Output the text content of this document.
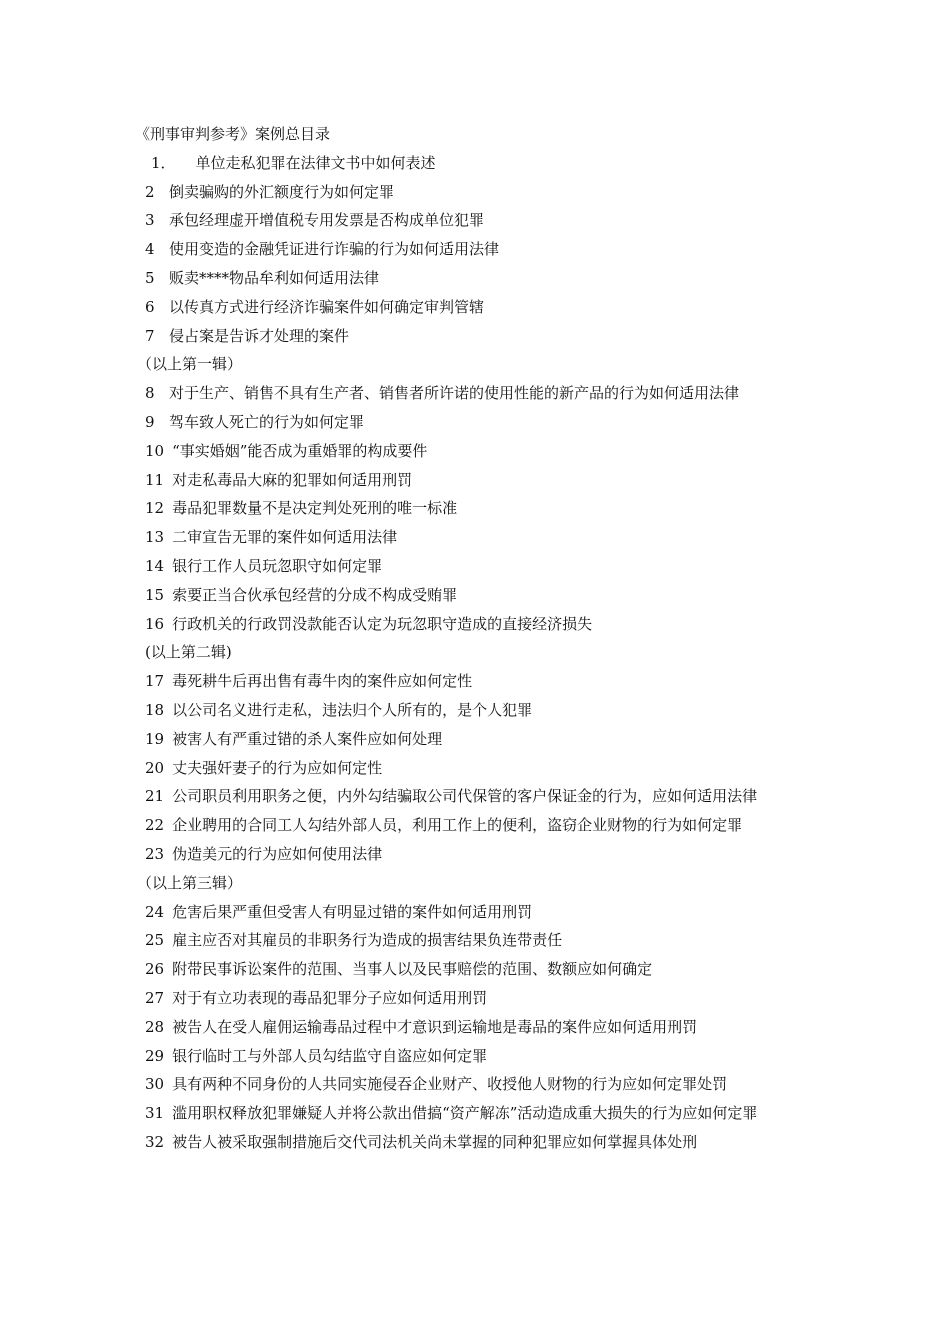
《刑事审判参考》案例总目录

1． 单位走私犯罪在法律文书中如何表述

2 倒卖骗购的外汇额度行为如何定罪

3 承包经理虚开增值税专用发票是否构成单位犯罪

4 使用变造的金融凭证进行诈骗的行为如何适用法律

5 贩卖****物品牟利如何适用法律

6 以传真方式进行经济诈骗案件如何确定审判管辖

7 侵占案是告诉才处理的案件

（以上第一辑）

8 对于生产、销售不具有生产者、销售者所许诺的使用性能的新产品的行为如何适用法律

9 驾车致人死亡的行为如何定罪

10 “事实婚姻”能否成为重婚罪的构成要件

11 对走私毒品大麻的犯罪如何适用刑罚

12 毒品犯罪数量不是决定判处死刑的唯一标准

13 二审宣告无罪的案件如何适用法律

14 银行工作人员玩忽职守如何定罪

15 索要正当合伙承包经营的分成不构成受贿罪

16 行政机关的行政罚没款能否认定为玩忽职守造成的直接经济损失

(以上第二辑)

17 毒死耕牛后再出售有毒牛肉的案件应如何定性

18 以公司名义进行走私，违法归个人所有的，是个人犯罪

19 被害人有严重过错的杀人案件应如何处理

20 丈夫强奸妻子的行为应如何定性

21 公司职员利用职务之便，内外勾结骗取公司代保管的客户保证金的行为，应如何适用法律

22 企业聘用的合同工人勾结外部人员，利用工作上的便利，盗窃企业财物的行为如何定罪

23 伪造美元的行为应如何使用法律

（以上第三辑）

24 危害后果严重但受害人有明显过错的案件如何适用刑罚

25 雇主应否对其雇员的非职务行为造成的损害结果负连带责任

26 附带民事诉讼案件的范围、当事人以及民事赔偿的范围、数额应如何确定

27 对于有立功表现的毒品犯罪分子应如何适用刑罚

28 被告人在受人雇佣运输毒品过程中才意识到运输地是毒品的案件应如何适用刑罚

29 银行临时工与外部人员勾结监守自盗应如何定罪

30 具有两种不同身份的人共同实施侵吞企业财产、收授他人财物的行为应如何定罪处罚

31 滥用职权释放犯罪嫌疑人并将公款出借搞“资产解冻”活动造成重大损失的行为应如何定罪

32 被告人被采取强制措施后交代司法机关尚未掌握的同种犯罪应如何掌握具体处刑
